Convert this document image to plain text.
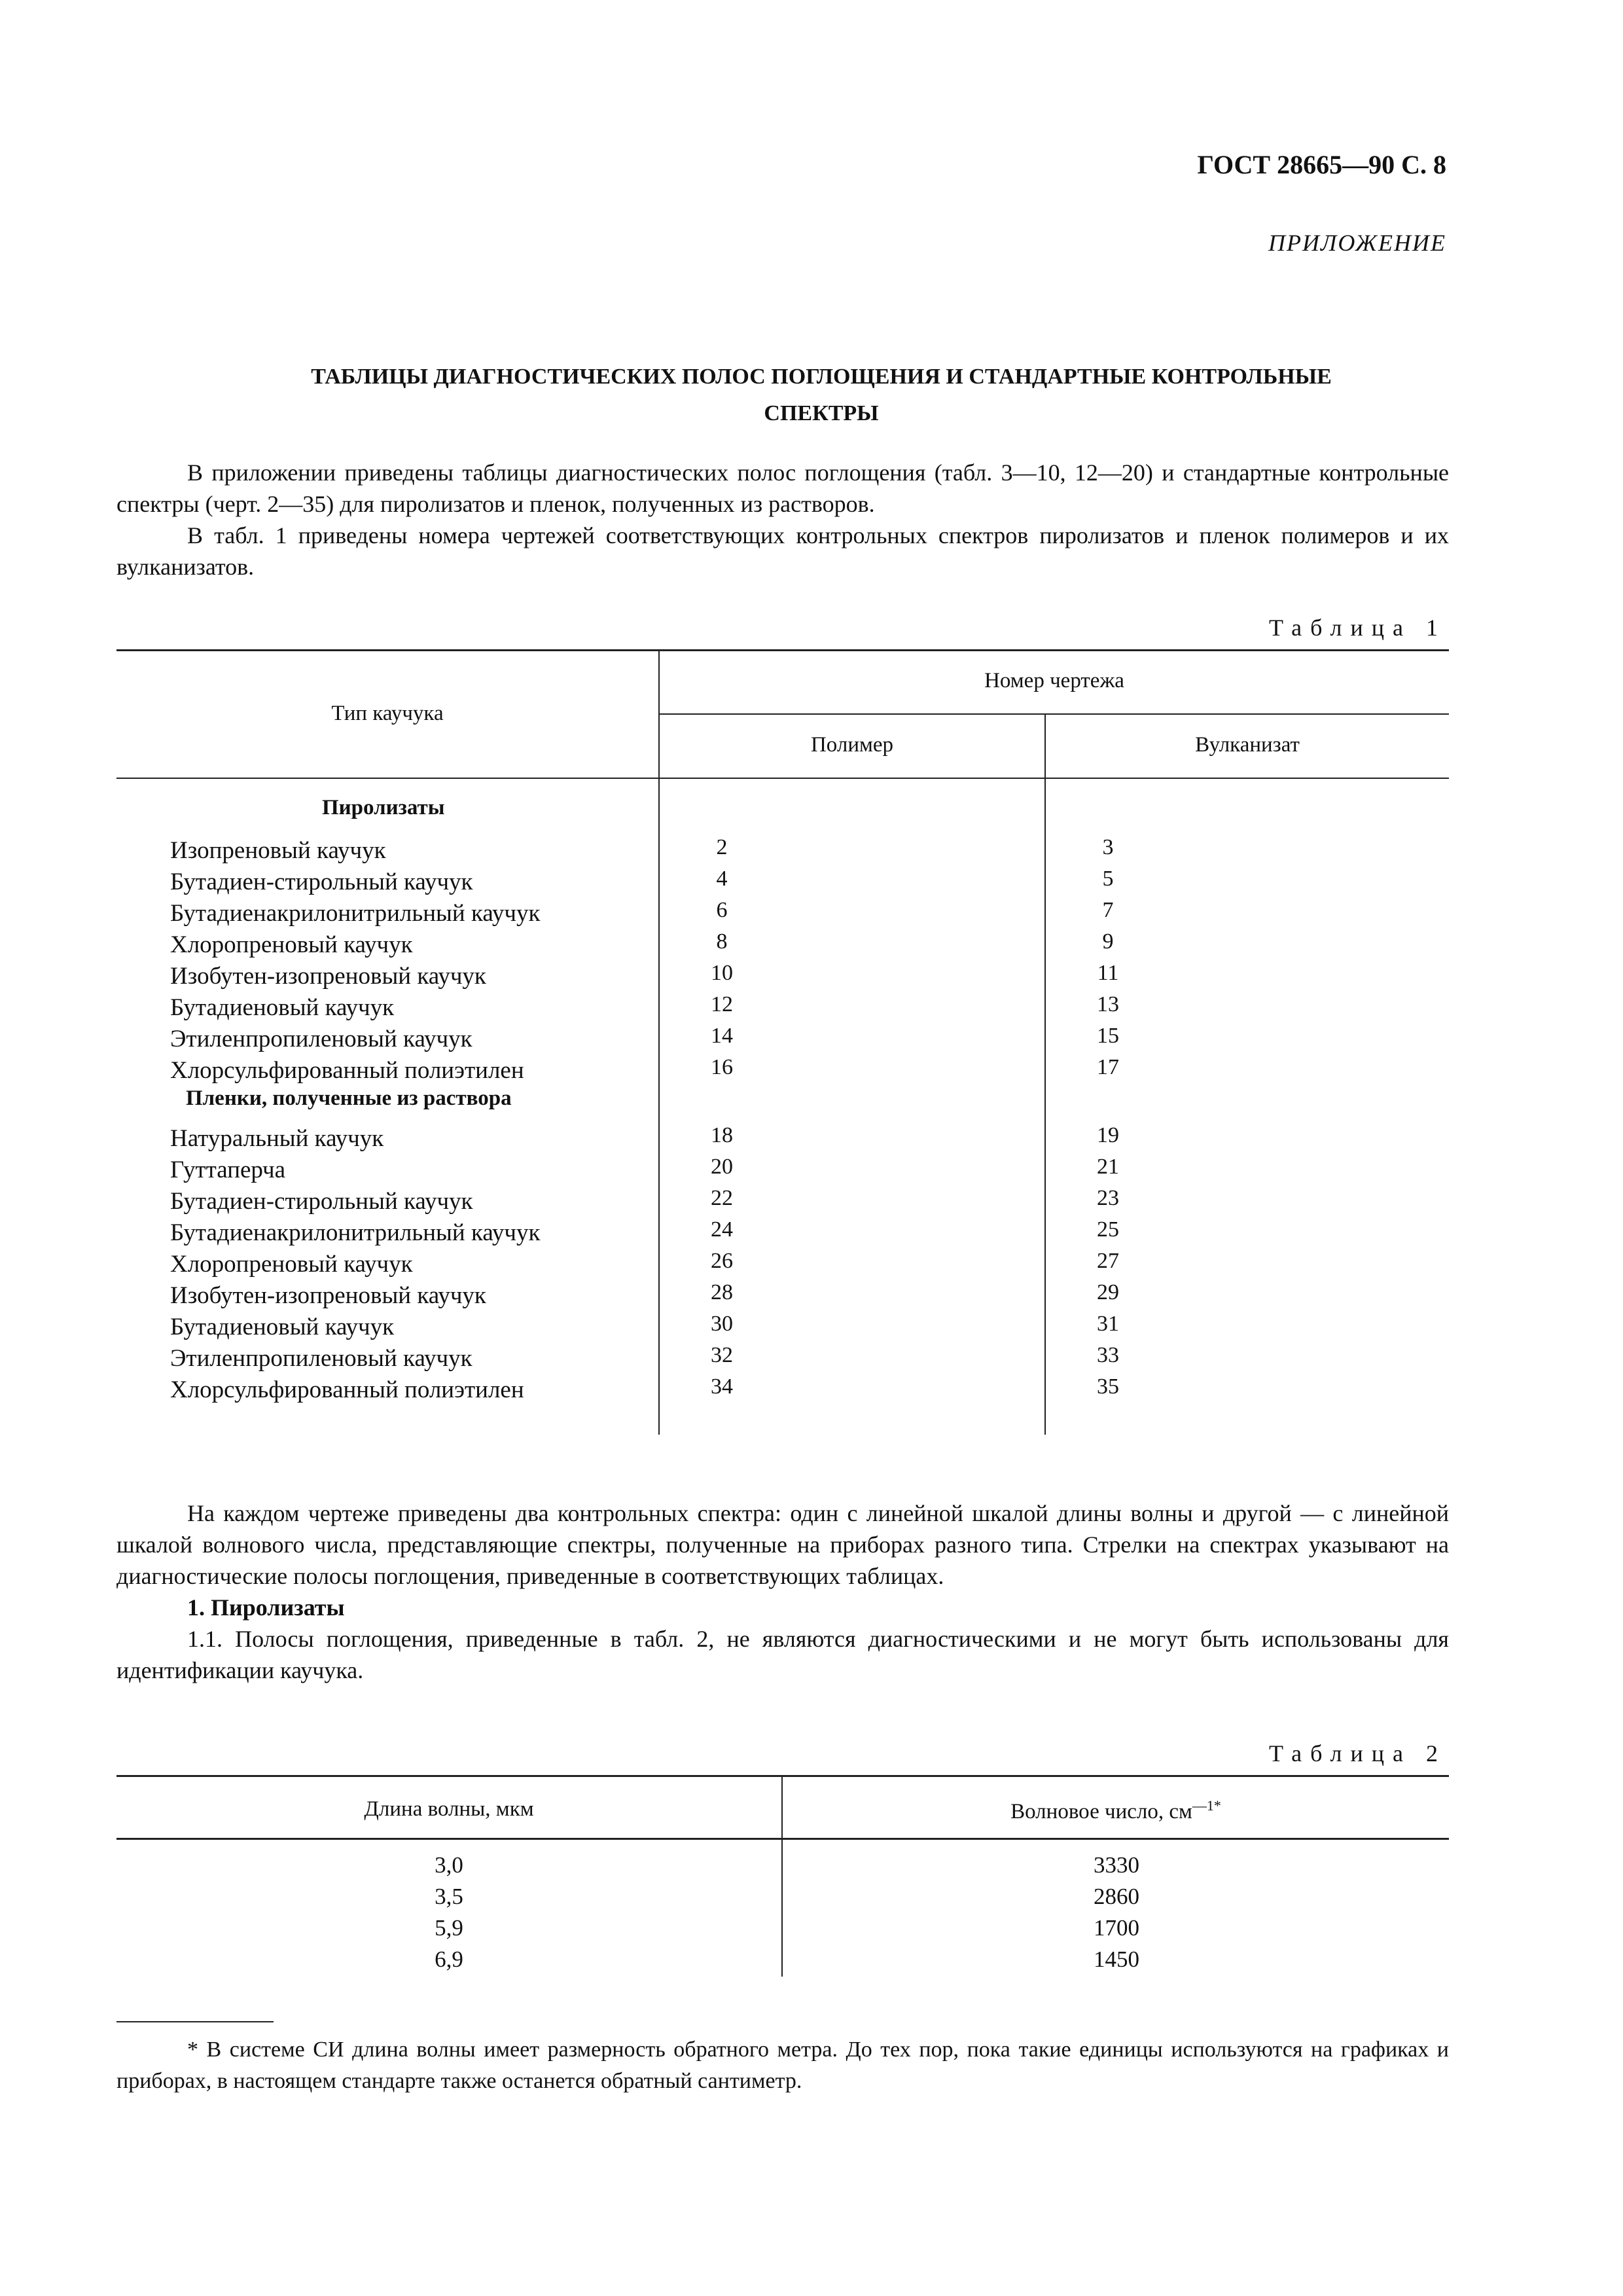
ГОСТ 28665—90 С. 8
ПРИЛОЖЕНИЕ
ТАБЛИЦЫ ДИАГНОСТИЧЕСКИХ ПОЛОС ПОГЛОЩЕНИЯ И СТАНДАРТНЫЕ КОНТРОЛЬНЫЕ
СПЕКТРЫ

В приложении приведены таблицы диагностических полос поглощения (табл. 3—10, 12—20) и стандартные контрольные спектры (черт. 2—35) для пиролизатов и пленок, полученных из растворов.

В табл. 1 приведены номера чертежей соответствующих контрольных спектров пиролизатов и пленок полимеров и их вулканизатов.

Таблица 1
Тип каучука
Номер чертежа
Полимер	Вулканизат
Пиролизаты
Изопреновый каучук	2	3
Бутадиен-стирольный каучук	4	5
Бутадиенакрилонитрильный каучук	6	7
Хлоропреновый каучук	8	9
Изобутен-изопреновый каучук	10	11
Бутадиеновый каучук	12	13
Этиленпропиленовый каучук	14	15
Хлорсульфированный полиэтилен	16	17
Пленки, полученные из раствора
Натуральный каучук	18	19
Гуттаперча	20	21
Бутадиен-стирольный каучук	22	23
Бутадиенакрилонитрильный каучук	24	25
Хлоропреновый каучук	26	27
Изобутен-изопреновый каучук	28	29
Бутадиеновый каучук	30	31
Этиленпропиленовый каучук	32	33
Хлорсульфированный полиэтилен	34	35

На каждом чертеже приведены два контрольных спектра: один с линейной шкалой длины волны и другой — с линейной шкалой волнового числа, представляющие спектры, полученные на приборах разного типа. Стрелки на спектрах указывают на диагностические полосы поглощения, приведенные в соответствующих таблицах.

1. Пиролизаты

1.1. Полосы поглощения, приведенные в табл. 2, не являются диагностическими и не могут быть использованы для идентификации каучука.

Таблица 2
Длина волны, мкм	Волновое число, $см^{—1*}$
3,0	3330
3,5	2860
5,9	1700
6,9	1450

* В системе СИ длина волны имеет размерность обратного метра. До тех пор, пока такие единицы используются на графиках и приборах, в настоящем стандарте также останется обратный сантиметр.
